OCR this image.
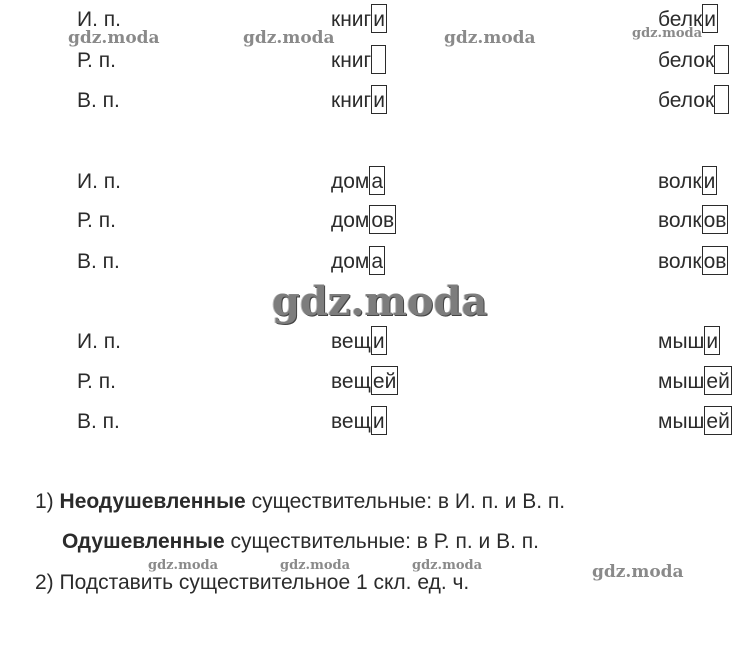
И. п.	книги	белки
Р. п.	книг	белок
В. п.	книги	белок
И. п.	дома	волки
Р. п.	домов	волков
В. п.	дома	волков
И. п.	вещи	мыши
Р. п.	вещей	мышей
В. п.	вещи	мышей
1) Неодушевленные существительные: в И. п. и В. п.
Одушевленные существительные: в Р. п. и В. п.
2) Подставить существительное 1 скл. ед. ч.
gdz.moda	gdz.moda	gdz.moda	gdz.moda
gdz.moda
gdz.moda	gdz.moda	gdz.moda	gdz.moda
